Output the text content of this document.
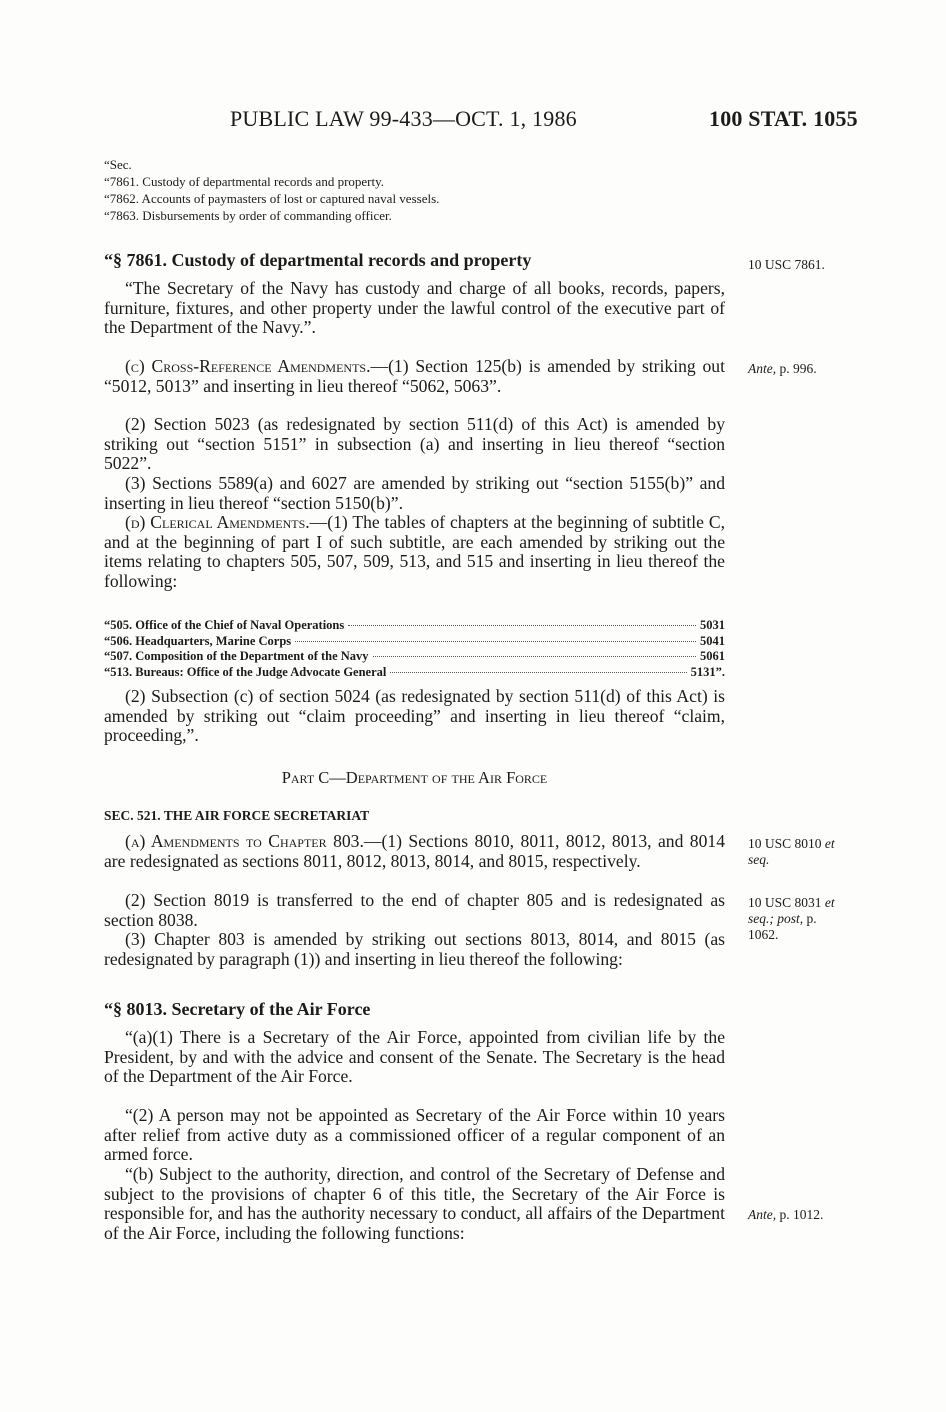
PUBLIC LAW 99-433—OCT. 1, 1986	100 STAT. 1055
“Sec.
“7861. Custody of departmental records and property.
“7862. Accounts of paymasters of lost or captured naval vessels.
“7863. Disbursements by order of commanding officer.
“§ 7861. Custody of departmental records and property
“The Secretary of the Navy has custody and charge of all books, records, papers, furniture, fixtures, and other property under the lawful control of the executive part of the Department of the Navy.”.
(c) Cross-Reference Amendments.—(1) Section 125(b) is amended by striking out “5012, 5013” and inserting in lieu thereof “5062, 5063”.
(2) Section 5023 (as redesignated by section 511(d) of this Act) is amended by striking out “section 5151” in subsection (a) and inserting in lieu thereof “section 5022”.
(3) Sections 5589(a) and 6027 are amended by striking out “section 5155(b)” and inserting in lieu thereof “section 5150(b)”.
(d) Clerical Amendments.—(1) The tables of chapters at the beginning of subtitle C, and at the beginning of part I of such subtitle, are each amended by striking out the items relating to chapters 505, 507, 509, 513, and 515 and inserting in lieu thereof the following:
“505. Office of the Chief of Naval Operations	5031
“506. Headquarters, Marine Corps	5041
“507. Composition of the Department of the Navy	5061
“513. Bureaus: Office of the Judge Advocate General	5131”.
(2) Subsection (c) of section 5024 (as redesignated by section 511(d) of this Act) is amended by striking out “claim proceeding” and inserting in lieu thereof “claim, proceeding,”.
Part C—Department of the Air Force
SEC. 521. THE AIR FORCE SECRETARIAT
(a) Amendments to Chapter 803.—(1) Sections 8010, 8011, 8012, 8013, and 8014 are redesignated as sections 8011, 8012, 8013, 8014, and 8015, respectively.
(2) Section 8019 is transferred to the end of chapter 805 and is redesignated as section 8038.
(3) Chapter 803 is amended by striking out sections 8013, 8014, and 8015 (as redesignated by paragraph (1)) and inserting in lieu thereof the following:
“§ 8013. Secretary of the Air Force
“(a)(1) There is a Secretary of the Air Force, appointed from civilian life by the President, by and with the advice and consent of the Senate. The Secretary is the head of the Department of the Air Force.
“(2) A person may not be appointed as Secretary of the Air Force within 10 years after relief from active duty as a commissioned officer of a regular component of an armed force.
“(b) Subject to the authority, direction, and control of the Secretary of Defense and subject to the provisions of chapter 6 of this title, the Secretary of the Air Force is responsible for, and has the authority necessary to conduct, all affairs of the Department of the Air Force, including the following functions:
10 USC 7861.
Ante, p. 996.
10 USC 8010 et
seq.
10 USC 8031 et
seq.; post, p.
1062.
Ante, p. 1012.
